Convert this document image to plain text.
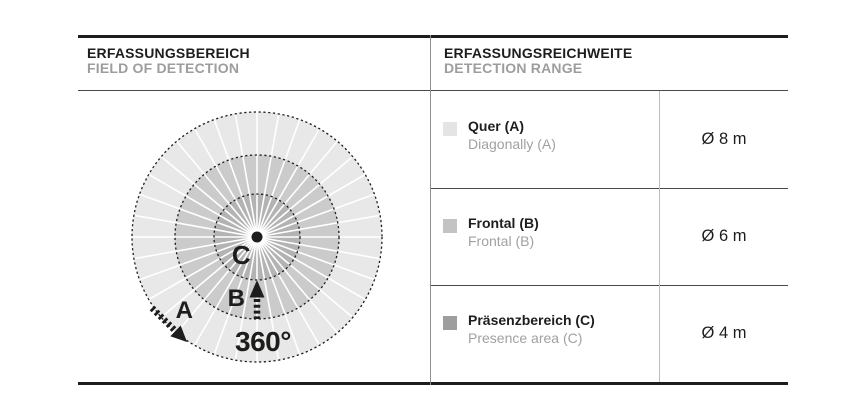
C
B
A
360°
ERFASSUNGSBEREICH
FIELD OF DETECTION
ERFASSUNGSREICHWEITE
DETECTION RANGE
Quer (A)
Diagonally (A)
Frontal (B)
Frontal (B)
Präsenzbereich (C)
Presence area (C)
Ø 8 m
Ø 6 m
Ø 4 m
